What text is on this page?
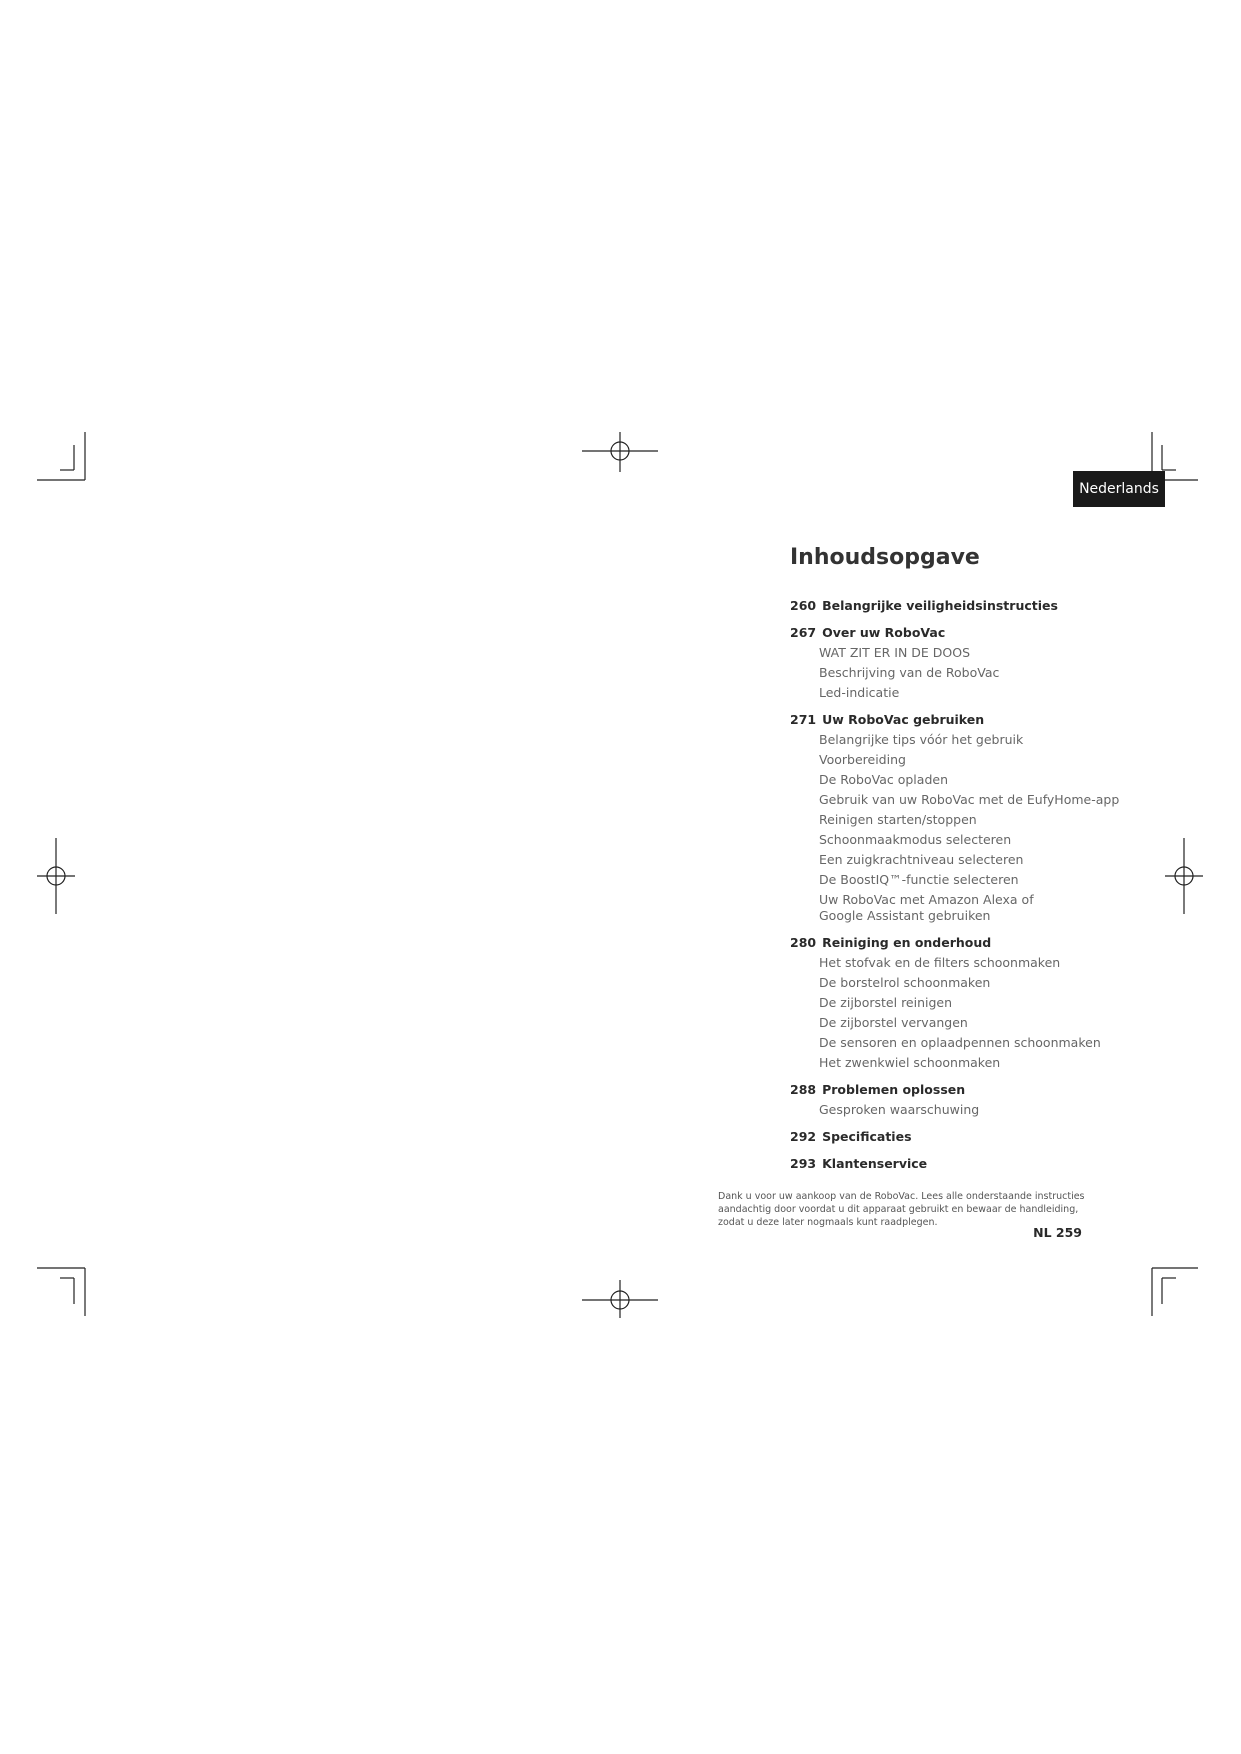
Nederlands
Inhoudsopgave
260 Belangrijke veiligheidsinstructies
267 Over uw RoboVac
WAT ZIT ER IN DE DOOS
Beschrijving van de RoboVac
Led-indicatie
271 Uw RoboVac gebruiken
Belangrijke tips vóór het gebruik
Voorbereiding
De RoboVac opladen
Gebruik van uw RoboVac met de EufyHome-app
Reinigen starten/stoppen
Schoonmaakmodus selecteren
Een zuigkrachtniveau selecteren
De BoostIQ™-functie selecteren
Uw RoboVac met Amazon Alexa of Google Assistant gebruiken
280 Reiniging en onderhoud
Het stofvak en de filters schoonmaken
De borstelrol schoonmaken
De zijborstel reinigen
De zijborstel vervangen
De sensoren en oplaadpennen schoonmaken
Het zwenkwiel schoonmaken
288 Problemen oplossen
Gesproken waarschuwing
292 Specificaties
293 Klantenservice

Dank u voor uw aankoop van de RoboVac. Lees alle onderstaande instructies aandachtig door voordat u dit apparaat gebruikt en bewaar de handleiding, zodat u deze later nogmaals kunt raadplegen.

NL 259
